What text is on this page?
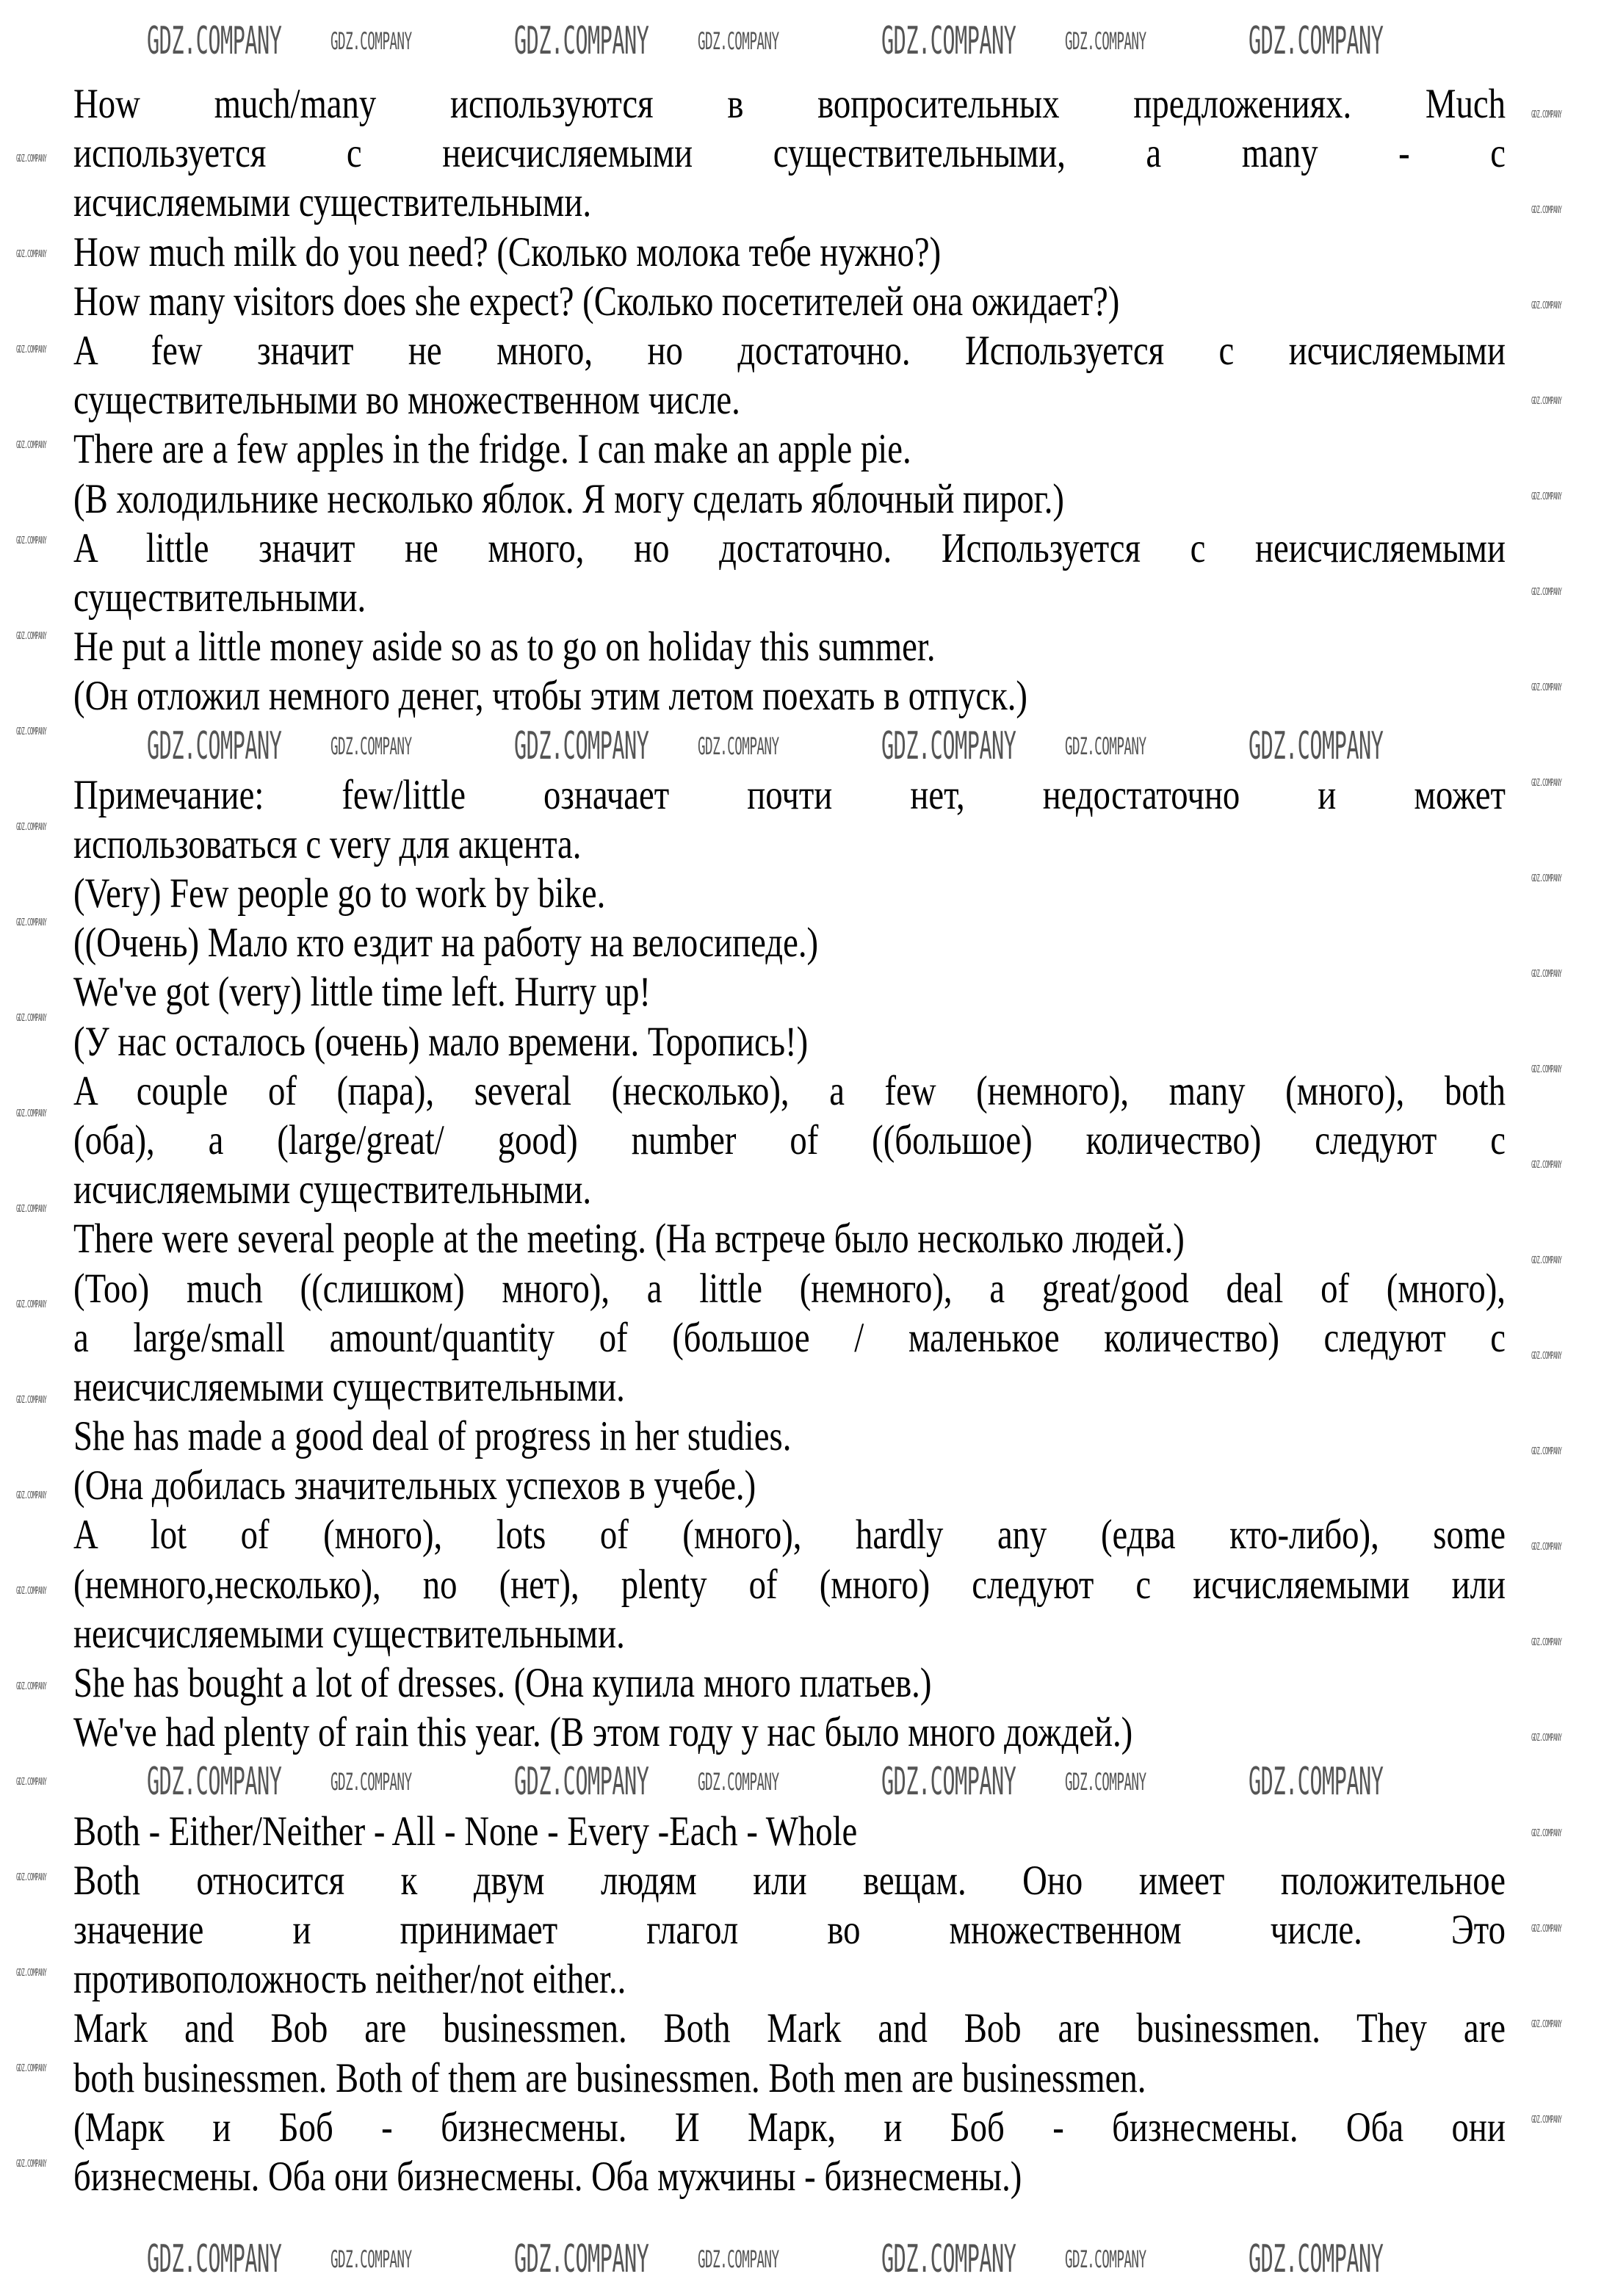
How much/many используются в вопросительных предложениях. Much
используется с неисчисляемыми существительными, а many - с
исчисляемыми существительными.
How much milk do you need? (Сколько молока тебе нужно?)
How many visitors does she expect? (Сколько посетителей она ожидает?)
A few значит не много, но достаточно. Используется с исчисляемыми
существительными во множественном числе.
There are a few apples in the fridge. I can make an apple pie.
(В холодильнике несколько яблок. Я могу сделать яблочный пирог.)
A little значит не много, но достаточно. Используется с неисчисляемыми
существительными.
He put a little money aside so as to go on holiday this summer.
(Он отложил немного денег, чтобы этим летом поехать в отпуск.)
Примечание: few/little означает почти нет, недостаточно и может
использоваться с very для акцента.
(Very) Few people go to work by bike.
((Очень) Мало кто ездит на работу на велосипеде.)
We've got (very) little time left. Hurry up!
(У нас осталось (очень) мало времени. Торопись!)
A couple of (пара), several (несколько), a few (немного), many (много), both
(оба), a (large/great/ good) number of ((большое) количество) следуют с
исчисляемыми существительными.
There were several people at the meeting. (На встрече было несколько людей.)
(Too) much ((слишком) много), a little (немного), a great/good deal of (много),
a large/small amount/quantity of (большое / маленькое количество) следуют с
неисчисляемыми существительными.
She has made a good deal of progress in her studies.
(Она добилась значительных успехов в учебе.)
A lot of (много), lots of (много), hardly any (едва кто-либо), some
(немного,несколько), no (нет), plenty of (много) следуют с исчисляемыми или
неисчисляемыми существительными.
She has bought a lot of dresses. (Она купила много платьев.)
We've had plenty of rain this year. (В этом году у нас было много дождей.)
Both - Either/Neither - All - None - Every -Each - Whole
Both относится к двум людям или вещам. Оно имеет положительное
значение и принимает глагол во множественном числе. Это
противоположность neither/not either..
Mark and Bob are businessmen. Both Mark and Bob are businessmen. They are
both businessmen. Both of them are businessmen. Both men are businessmen.
(Марк и Боб - бизнесмены. И Марк, и Боб - бизнесмены. Оба они
бизнесмены. Оба они бизнесмены. Оба мужчины - бизнесмены.)
GDZ.COMPANY	GDZ.COMPANY	GDZ.COMPANY	GDZ.COMPANY
GDZ.COMPANY	GDZ.COMPANY	GDZ.COMPANY
GDZ.COMPANY	GDZ.COMPANY	GDZ.COMPANY	GDZ.COMPANY
GDZ.COMPANY	GDZ.COMPANY	GDZ.COMPANY
GDZ.COMPANY	GDZ.COMPANY	GDZ.COMPANY	GDZ.COMPANY
GDZ.COMPANY	GDZ.COMPANY	GDZ.COMPANY
GDZ.COMPANY	GDZ.COMPANY	GDZ.COMPANY	GDZ.COMPANY
GDZ.COMPANY	GDZ.COMPANY	GDZ.COMPANY
GDZ.COMPANY
GDZ.COMPANY
GDZ.COMPANY
GDZ.COMPANY
GDZ.COMPANY
GDZ.COMPANY
GDZ.COMPANY
GDZ.COMPANY
GDZ.COMPANY
GDZ.COMPANY
GDZ.COMPANY
GDZ.COMPANY
GDZ.COMPANY
GDZ.COMPANY
GDZ.COMPANY
GDZ.COMPANY
GDZ.COMPANY
GDZ.COMPANY
GDZ.COMPANY
GDZ.COMPANY
GDZ.COMPANY
GDZ.COMPANY
GDZ.COMPANY
GDZ.COMPANY
GDZ.COMPANY
GDZ.COMPANY
GDZ.COMPANY
GDZ.COMPANY
GDZ.COMPANY
GDZ.COMPANY
GDZ.COMPANY
GDZ.COMPANY
GDZ.COMPANY
GDZ.COMPANY
GDZ.COMPANY
GDZ.COMPANY
GDZ.COMPANY
GDZ.COMPANY
GDZ.COMPANY
GDZ.COMPANY
GDZ.COMPANY
GDZ.COMPANY
GDZ.COMPANY
GDZ.COMPANY
